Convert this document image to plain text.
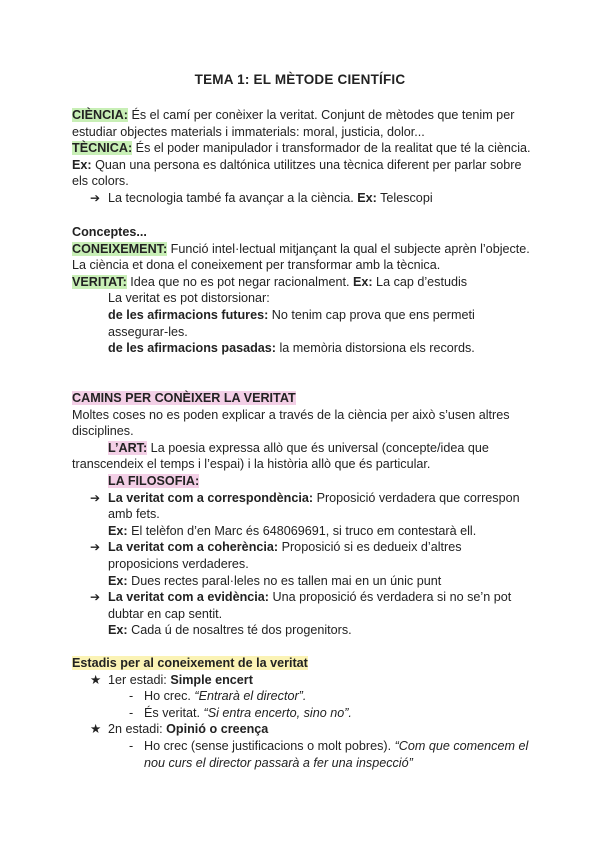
TEMA 1: EL MÈTODE CIENTÍFIC

CIÈNCIA: És el camí per conèixer la veritat. Conjunt de mètodes que tenim per estudiar objectes materials i immaterials: moral, justicia, dolor...

TÈCNICA: És el poder manipulador i transformador de la realitat que té la ciència. Ex: Quan una persona es daltónica utilitzes una tècnica diferent per parlar sobre els colors.

➔ La tecnologia també fa avançar a la ciència. Ex: Telescopi

Conceptes...

CONEIXEMENT: Funció intel·lectual mitjançant la qual el subjecte aprèn l’objecte. La ciència et dona el coneixement per transformar amb la tècnica.

VERITAT: Idea que no es pot negar racionalment. Ex: La cap d’estudis

La veritat es pot distorsionar:

de les afirmacions futures: No tenim cap prova que ens permeti assegurar-les.

de les afirmacions pasadas: la memòria distorsiona els records.

CAMINS PER CONÈIXER LA VERITAT

Moltes coses no es poden explicar a través de la ciència per això s’usen altres disciplines.

L’ART: La poesia expressa allò que és universal (concepte/idea que transcendeix el temps i l’espai) i la història allò que és particular.

LA FILOSOFIA:

➔ La veritat com a correspondència: Proposició verdadera que correspon amb fets.

Ex: El telèfon d’en Marc és 648069691, si truco em contestarà ell.

➔ La veritat com a coherència: Proposició si es dedueix d’altres proposicions verdaderes.

Ex: Dues rectes paral·leles no es tallen mai en un únic punt

➔ La veritat com a evidència: Una proposició és verdadera si no se’n pot dubtar en cap sentit.

Ex: Cada ú de nosaltres té dos progenitors.

Estadis per al coneixement de la veritat

★ 1er estadi: Simple encert

- Ho crec. “Entrarà el director”.

- És veritat. “Si entra encerto, sino no”.

★ 2n estadi: Opinió o creença

- Ho crec (sense justificacions o molt pobres). “Com que comencem el nou curs el director passarà a fer una inspecció”
